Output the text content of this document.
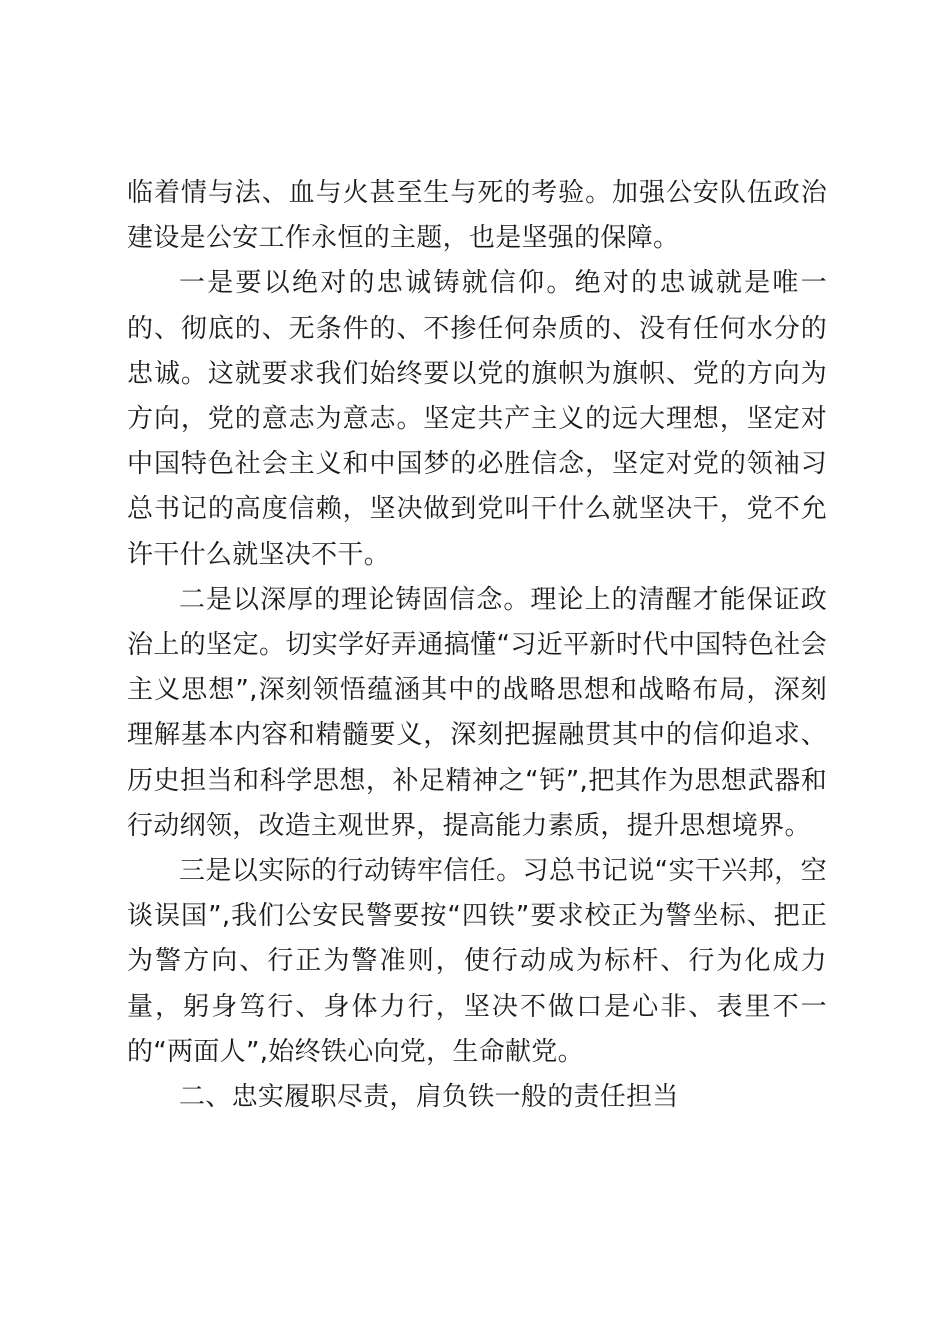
临着情与法、血与火甚至生与死的考验。加强公安队伍政治建设是公安工作永恒的主题，也是坚强的保障。

一是要以绝对的忠诚铸就信仰。绝对的忠诚就是唯一的、彻底的、无条件的、不掺任何杂质的、没有任何水分的忠诚。这就要求我们始终要以党的旗帜为旗帜、党的方向为方向，党的意志为意志。坚定共产主义的远大理想，坚定对中国特色社会主义和中国梦的必胜信念，坚定对党的领袖习总书记的高度信赖，坚决做到党叫干什么就坚决干，党不允许干什么就坚决不干。

二是以深厚的理论铸固信念。理论上的清醒才能保证政治上的坚定。切实学好弄通搞懂“习近平新时代中国特色社会主义思想”,深刻领悟蕴涵其中的战略思想和战略布局，深刻理解基本内容和精髓要义，深刻把握融贯其中的信仰追求、历史担当和科学思想，补足精神之“钙”,把其作为思想武器和行动纲领，改造主观世界，提高能力素质，提升思想境界。

三是以实际的行动铸牢信任。习总书记说“实干兴邦，空谈误国”,我们公安民警要按“四铁”要求校正为警坐标、把正为警方向、行正为警准则，使行动成为标杆、行为化成力量，躬身笃行、身体力行，坚决不做口是心非、表里不一的“两面人”,始终铁心向党，生命献党。

二、忠实履职尽责，肩负铁一般的责任担当
